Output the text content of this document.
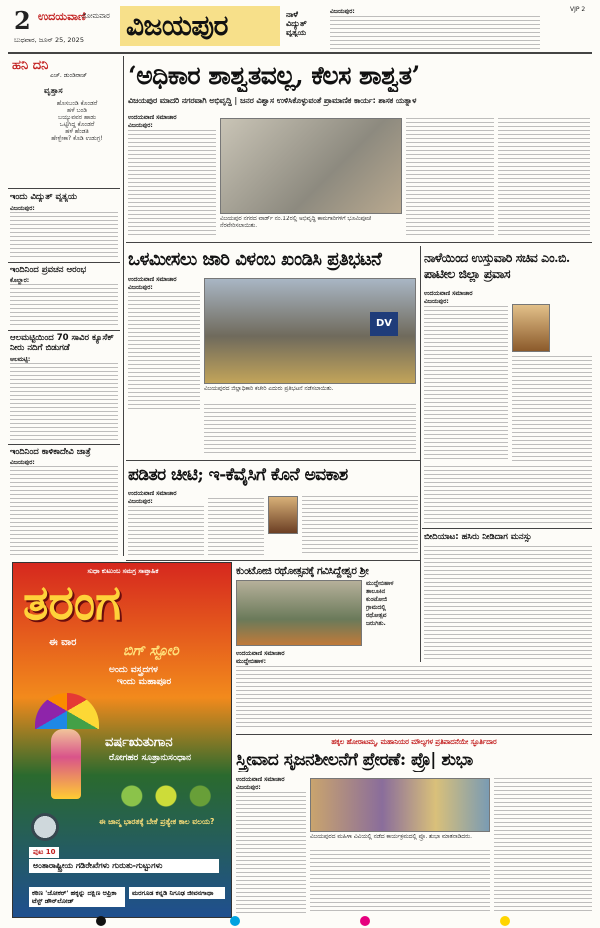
2 ಉದಯವಾಣಿ
ಸೋಮವಾರ
ಬುಧವಾರ, ಜೂನ್ 25, 2025 ವಿಜಯಪುರ	ನಾಳೆ ವಿದ್ಯುತ್ ವ್ಯತ್ಯಯ
ವಿಜಯಪುರ:	VJP 2
ಹನಿ ದನಿ
ಎಚ್. ಡುಂಡಿರಾಜ್
ವೃತ್ತಾಸ
ಹೊಸಬಂಡಿ ಕೊಂಡರೆ
ಹಳೆ ಬಂಡಿ
ಬಯ್ಯುವವರ ಹಾಡು
ಒಟ್ಟಿಗಿದ್ದ ಕೊಂಡರೆ
ಹಳೆ ಹೆಂಡತಿ
ಹೇಳ್ಬೇಕಾ? ಕೊಡಿ ಉಡುಗ್ರ!
ಇಂದು ವಿದ್ಯುತ್ ವ್ಯತ್ಯಯ
ವಿಜಯಪುರ:
ಇಂದಿನಿಂದ ಪ್ರವಚನ ಆರಂಭ
ಕೊಲ್ಹಾರ:
ಆಲಮಟ್ಟಿಯಿಂದ 70 ಸಾವಿರ ಕ್ಯೂಸೆಕ್ ನೀರು ನದಿಗೆ ಬಿಡುಗಡೆ
ಆಲಮಟ್ಟಿ:
ಇಂದಿನಿಂದ ಕಾಳಿಕಾದೇವಿ ಜಾತ್ರೆ
ವಿಜಯಪುರ:
‘ಅಧಿಕಾರ ಶಾಶ್ವತವಲ್ಲ, ಕೆಲಸ ಶಾಶ್ವತ’
ವಿಜಯಪುರ ಮಾದರಿ ನಗರವಾಗಿ ಅಭಿವೃದ್ಧಿ | ಜನರ ವಿಶ್ವಾಸ ಉಳಿಸಿಕೊಳ್ಳುವಂತೆ ಪ್ರಾಮಾಣಿಕ ಕಾರ್ಯ: ಶಾಸಕ ಯತ್ನಾಳ
ಉದಯವಾಣಿ ಸಮಾಚಾರ
ವಿಜಯಪುರ:
ವಿಜಯಪುರ ನಗರದ ವಾರ್ಡ್ ನಂ.12ರಲ್ಲಿ ಅಭಿವೃದ್ಧಿ ಕಾಮಗಾರಿಗಳಿಗೆ ಭೂಮಿಪೂಜೆ ನೆರವೇರಿಸಲಾಯಿತು.
ಒಳಮೀಸಲು ಜಾರಿ ವಿಳಂಬ ಖಂಡಿಸಿ ಪ್ರತಿಭಟನೆ
ಉದಯವಾಣಿ ಸಮಾಚಾರ
ವಿಜಯಪುರ:
DV
ವಿಜಯಪುರದ ಜಿಲ್ಲಾಧಿಕಾರಿ ಕಚೇರಿ ಎದುರು ಪ್ರತಿಭಟನೆ ನಡೆಸಲಾಯಿತು.
ನಾಳೆಯಿಂದ ಉಸ್ತುವಾರಿ ಸಚಿವ ಎಂ.ಬಿ. ಪಾಟೀಲ ಜಿಲ್ಲಾ ಪ್ರವಾಸ
ಉದಯವಾಣಿ ಸಮಾಚಾರ
ವಿಜಯಪುರ:
ಪಡಿತರ ಚೀಟಿ; ಇ-ಕೆವೈಸಿಗೆ ಕೊನೆ ಅವಕಾಶ
ಉದಯವಾಣಿ ಸಮಾಚಾರ
ವಿಜಯಪುರ:
ಬೀದಿಯಾಟ: ಹಸಿರು ನೀಡಿದಾಗ ಮನಸ್ಸು
ಕುಂಟೋಜಿ ರಥೋತ್ಸವಕ್ಕೆ ಗವಿಸಿದ್ದೇಶ್ವರ ಶ್ರೀ
ಮುದ್ದೇಬಿಹಾಳ
ತಾಲೂಕಿನ
ಕುಂಟೋಜಿ
ಗ್ರಾಮದಲ್ಲಿ
ರಥೋತ್ಸವ
ಜರುಗಿತು.
ಉದಯವಾಣಿ ಸಮಾಚಾರ
ಮುದ್ದೇಬಿಹಾಳ:
ಸುಧಾ ಕುಟುಂಬ ಸಮಗ್ರ ಸಾಪ್ತಾಹಿಕ
ತರಂಗ
ಈ ವಾರ
ಬಿಗ್ ಸ್ಟೋರಿ
ಅಂದು ವಸ್ತ್ರದಗಳ
ಇಂದು ಮಹಾಪೂರ
ವರ್ಷಋತುಗಾನ
ರೋಗಹರ ಸೂತ್ರಾನುಸಂಧಾನ
ಈ ಜಾನ್ಮ ಭಾರತಕ್ಕೆ ಬೇಕೆ ಪ್ರತ್ಯೇಕ ಕಾಲ ವಲಯ?
ಪುಟ 10
ಅಂತಾರಾಷ್ಟ್ರೀಯ ಗಡಿರೇಖೆಗಳು ಗುರುತು-ಗುಟ್ಟುಗಳು
ಕಠಿಣ 'ಜೋಕರ್' ಹಕ್ಕನ್ನು ದಕ್ಷಿಣ ಆಫ್ರಿಕಾ ಟೆಸ್ಟ್ ಡೌನ್‌ಲೋಡ್
ಮರಗೂಡ ಕನ್ನಡಿ ನಿಗೂಢ ಜೀವನಗಾಥಾ
ಹಕ್ಕಲ ಹೋರಾಟಮ್ಮ, ಮಹಾನಿಯರ ಮೌಲ್ಯಗಳ ಪ್ರತಿಪಾದನೆಯೇ ಸ್ಫೂರ್ತಿದಾರ
ಸ್ತ್ರೀವಾದ ಸೃಜನಶೀಲನೆಗೆ ಪ್ರೇರಣೆ: ಪ್ರೊ| ಶುಭಾ
ಉದಯವಾಣಿ ಸಮಾಚಾರ
ವಿಜಯಪುರ:
ವಿಜಯಪುರದ ಮಹಿಳಾ ವಿವಿಯಲ್ಲಿ ನಡೆದ ಕಾರ್ಯಕ್ರಮದಲ್ಲಿ ಪ್ರೊ. ಶುಭಾ ಮಾತನಾಡಿದರು.
